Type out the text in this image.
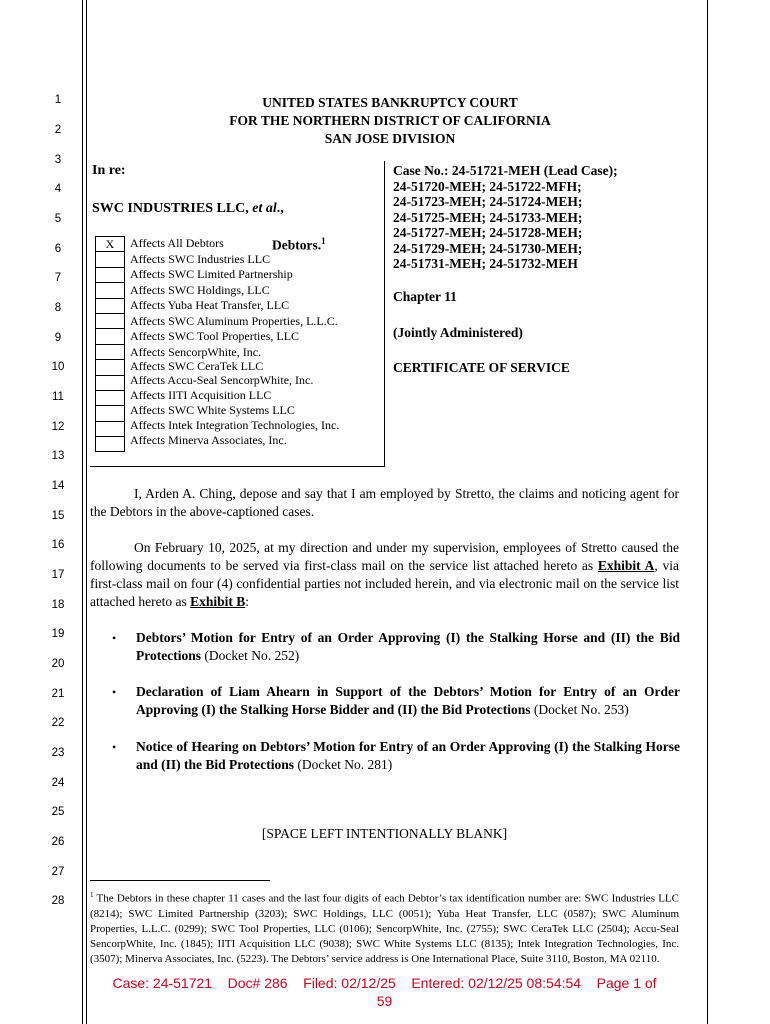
1
2
3
4
5
6
7
8
9
10
11
12
13
14
15
16
17
18
19
20
21
22
23
24
25
26
27
28
UNITED STATES BANKRUPTCY COURT
FOR THE NORTHERN DISTRICT OF CALIFORNIA
SAN JOSE DIVISION
In re:
SWC INDUSTRIES LLC, et al.,
Debtors.$^1$
X	Affects All Debtors
Affects SWC Industries LLC
Affects SWC Limited Partnership
Affects SWC Holdings, LLC
Affects Yuba Heat Transfer, LLC
Affects SWC Aluminum Properties, L.L.C.
Affects SWC Tool Properties, LLC
Affects SencorpWhite, Inc.
Affects SWC CeraTek LLC
Affects Accu-Seal SencorpWhite, Inc.
Affects IITI Acquisition LLC
Affects SWC White Systems LLC
Affects Intek Integration Technologies, Inc.
Affects Minerva Associates, Inc.
Case No.: 24-51721-MEH (Lead Case);
24-51720-MEH; 24-51722-MFH;
24-51723-MEH; 24-51724-MEH;
24-51725-MEH; 24-51733-MEH;
24-51727-MEH; 24-51728-MEH;
24-51729-MEH; 24-51730-MEH;
24-51731-MEH; 24-51732-MEH
Chapter 11
(Jointly Administered)
CERTIFICATE OF SERVICE
I, Arden A. Ching, depose and say that I am employed by Stretto, the claims and noticing agent for the Debtors in the above-captioned cases.
On February 10, 2025, at my direction and under my supervision, employees of Stretto caused the following documents to be served via first-class mail on the service list attached hereto as Exhibit A, via first-class mail on four (4) confidential parties not included herein, and via electronic mail on the service list attached hereto as Exhibit B:
• Debtors’ Motion for Entry of an Order Approving (I) the Stalking Horse and (II) the Bid Protections (Docket No. 252)
• Declaration of Liam Ahearn in Support of the Debtors’ Motion for Entry of an Order Approving (I) the Stalking Horse Bidder and (II) the Bid Protections (Docket No. 253)
• Notice of Hearing on Debtors’ Motion for Entry of an Order Approving (I) the Stalking Horse and (II) the Bid Protections (Docket No. 281)
[SPACE LEFT INTENTIONALLY BLANK]
$^1$ The Debtors in these chapter 11 cases and the last four digits of each Debtor’s tax identification number are: SWC Industries LLC (8214); SWC Limited Partnership (3203); SWC Holdings, LLC (0051); Yuba Heat Transfer, LLC (0587); SWC Aluminum Properties, L.L.C. (0299); SWC Tool Properties, LLC (0106); SencorpWhite, Inc. (2755); SWC CeraTek LLC (2504); Accu-Seal SencorpWhite, Inc. (1845); IITI Acquisition LLC (9038); SWC White Systems LLC (8135); Intek Integration Technologies, Inc. (3507); Minerva Associates, Inc. (5223). The Debtors’ service address is One International Place, Suite 3110, Boston, MA 02110.
Case: 24-51721 Doc# 286 Filed: 02/12/25 Entered: 02/12/25 08:54:54 Page 1 of
59
